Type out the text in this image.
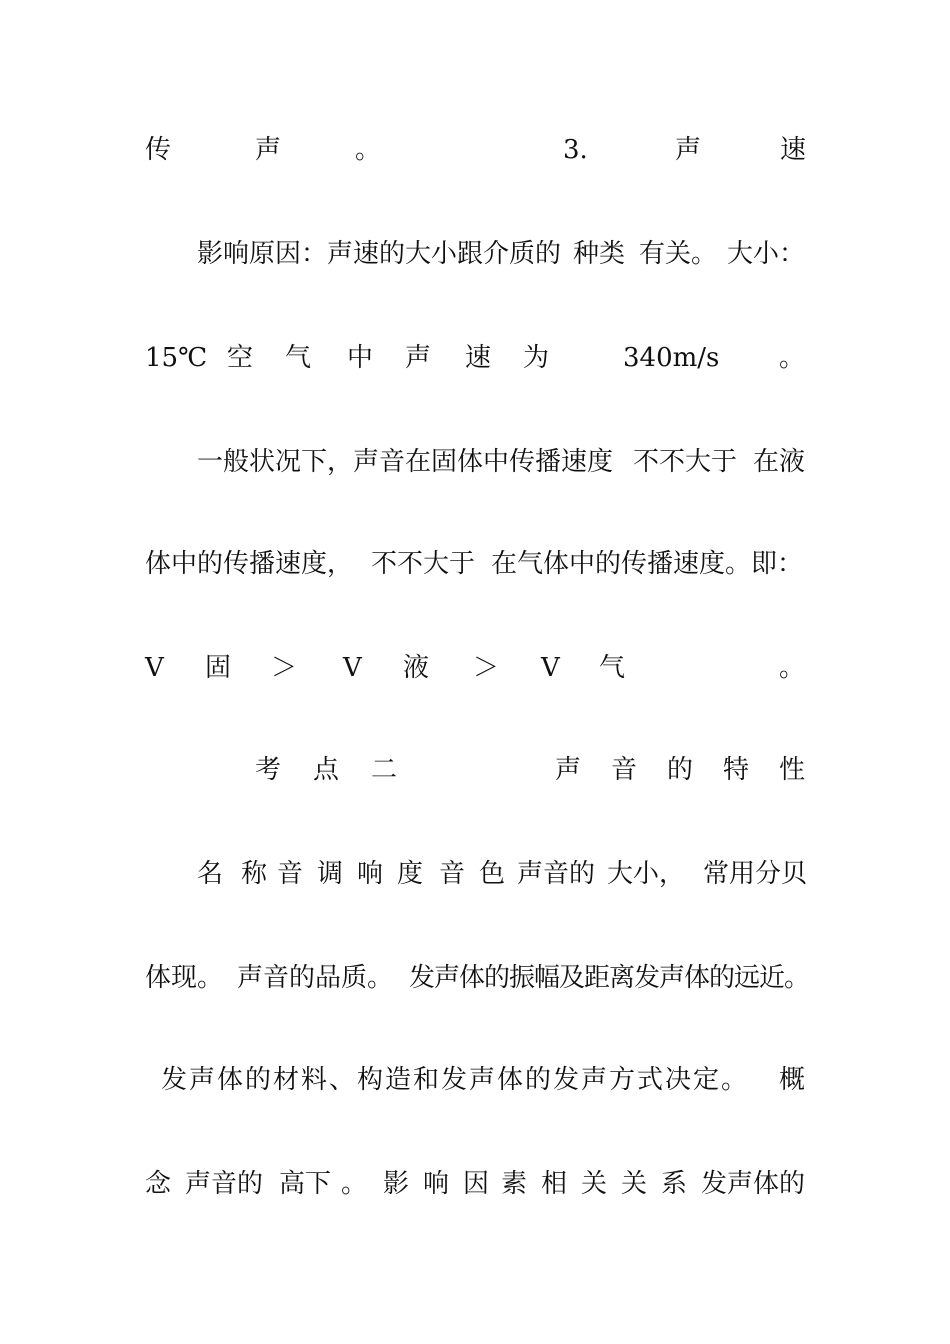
传	声	。	3.	声	速
影响原因：声速的大小跟介质的 种类 有关。 大小：
15℃ 空 气 中 声 速 为	340m/s 。
一般状况下，声音在固体中传播速度 不不大于 在液
体中的传播速度， 不不大于 在气体中的传播速度。即：
V 固 ＞ V 液 ＞ V 气	。
考 点 二	声 音 的 特 性
名 称 音 调 响 度 音 色 声音的 大小， 常用分贝
体现。 声音的品质。 发声体的振幅及距离发声体的远近。
发声体的材料、构造和发声体的发声方式决定。 概
念 声音的 高下 。 影 响 因 素 相 关 关 系 发声体的
